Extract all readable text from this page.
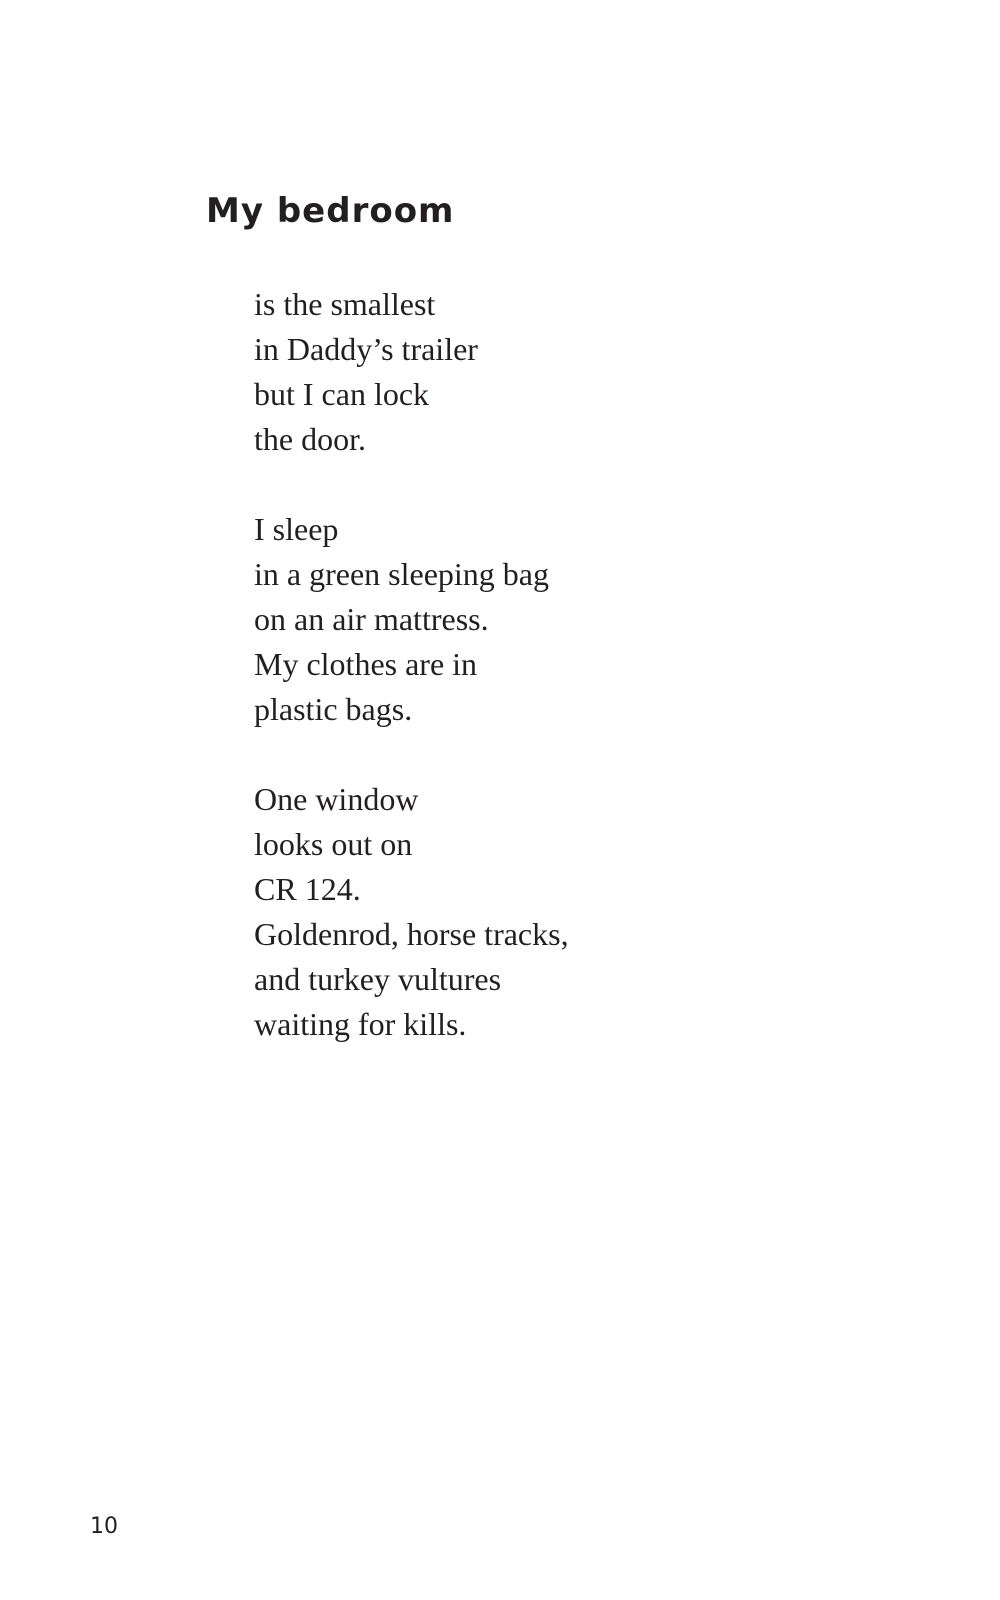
My bedroom

is the smallest
in Daddy’s trailer
but I can lock
the door.

I sleep
in a green sleeping bag
on an air mattress.
My clothes are in
plastic bags.

One window
looks out on
CR 124.
Goldenrod, horse tracks,
and turkey vultures
waiting for kills.

10
